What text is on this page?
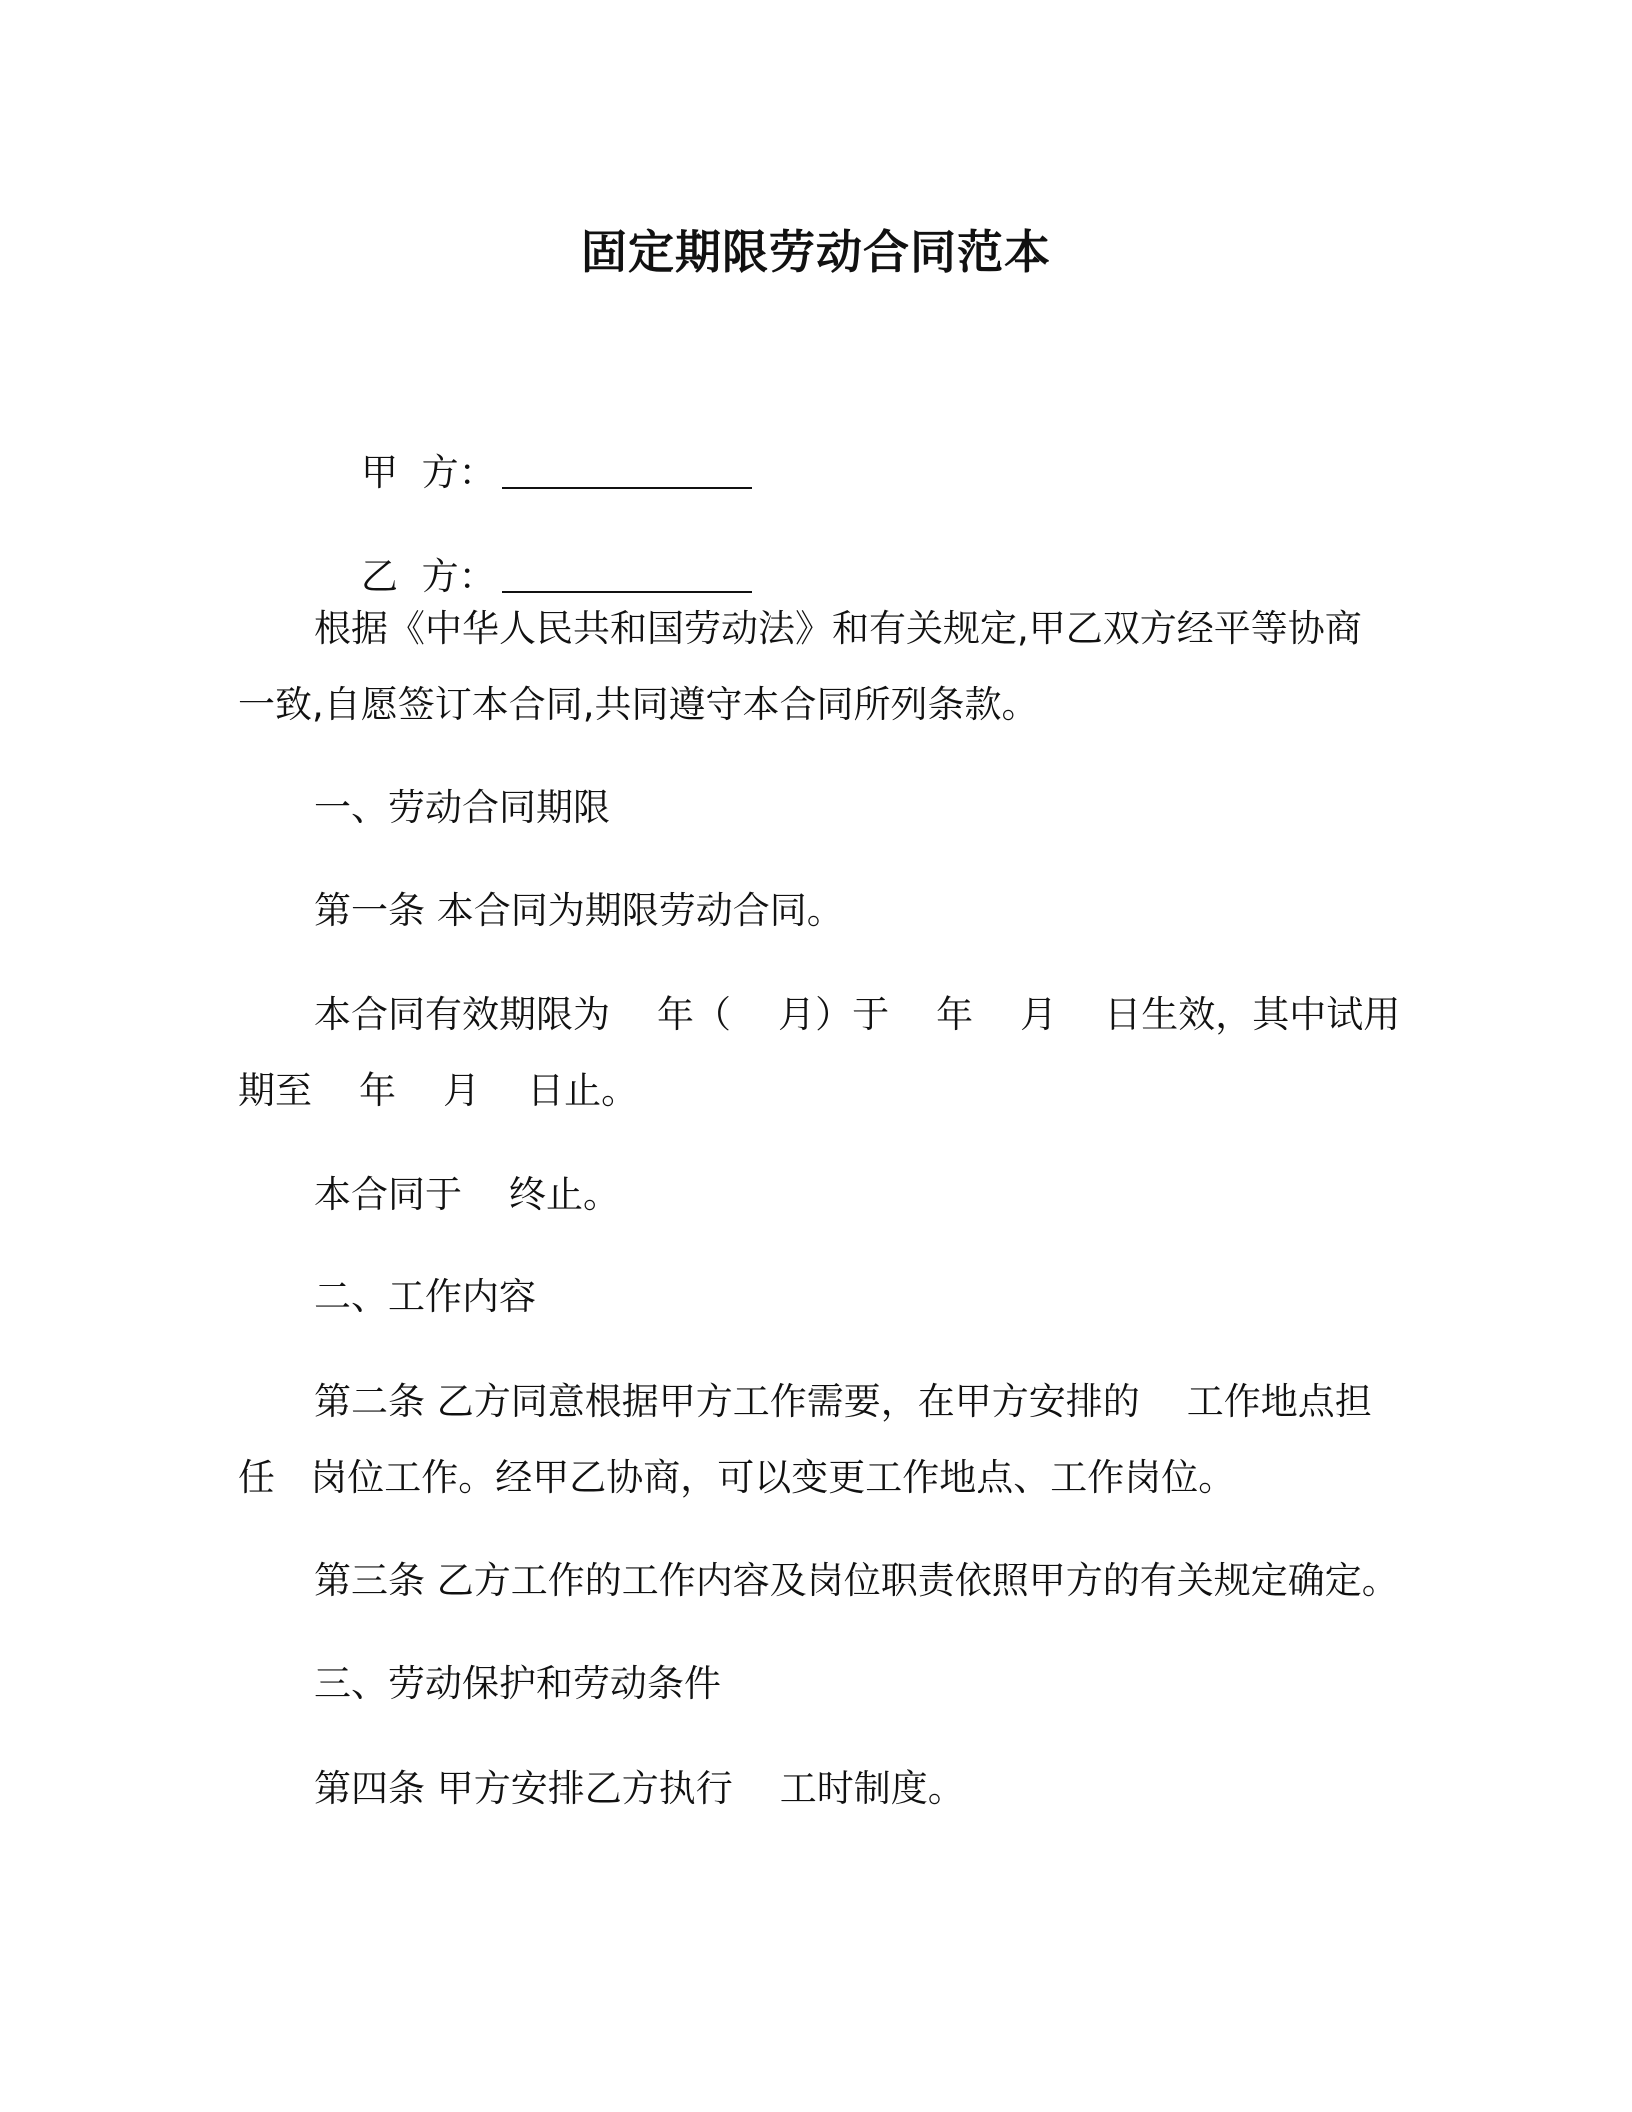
固定期限劳动合同范本

甲  方：

乙  方：

根据《中华人民共和国劳动法》和有关规定,甲乙双方经平等协商
一致,自愿签订本合同,共同遵守本合同所列条款。
一、劳动合同期限
第一条 本合同为期限劳动合同。
本合同有效期限为    年（    月）于    年    月    日生效，其中试用
期至    年    月    日止。
本合同于    终止。
二、工作内容
第二条 乙方同意根据甲方工作需要，在甲方安排的    工作地点担
任   岗位工作。经甲乙协商，可以变更工作地点、工作岗位。
第三条 乙方工作的工作内容及岗位职责依照甲方的有关规定确定。
三、劳动保护和劳动条件
第四条 甲方安排乙方执行    工时制度。
